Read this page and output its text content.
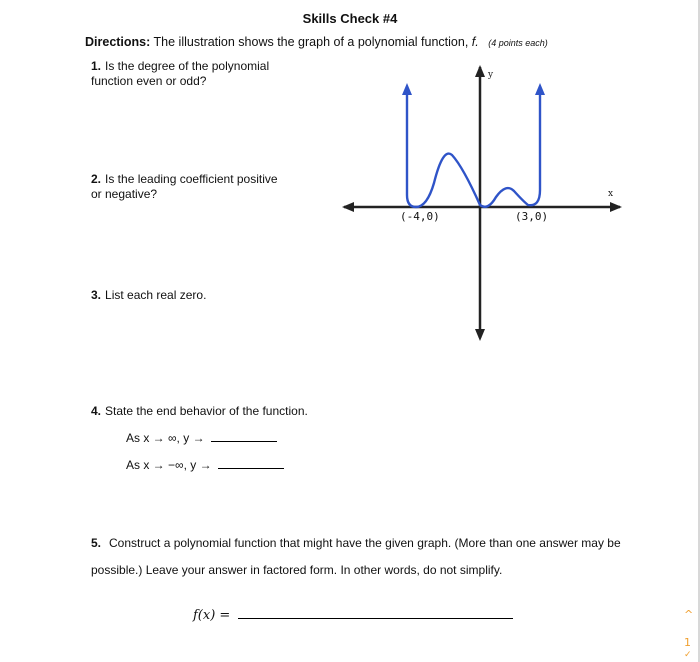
Skills Check #4
Directions: The illustration shows the graph of a polynomial function, f. (4 points each)
1. Is the degree of the polynomial
function even or odd?
2. Is the leading coefficient positive
or negative?
3. List each real zero.
4. State the end behavior of the function.
As x → ∞, y →
As x → −∞, y →
5. Construct a polynomial function that might have the given graph. (More than one answer may be possible.) Leave your answer in factored form. In other words, do not simplify.
f(x) =
x
y
(-4,0)	(3,0)
^
1
✓
